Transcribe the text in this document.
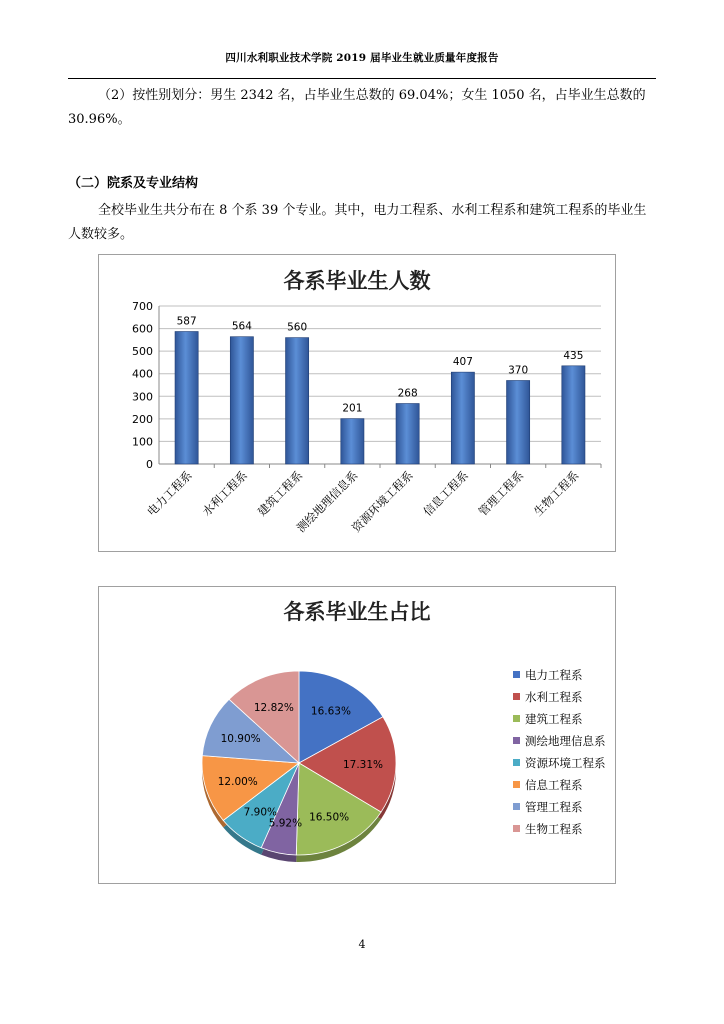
四川水利职业技术学院 2019 届毕业生就业质量年度报告
（2）按性别划分：男生 2342 名，占毕业生总数的 69.04%；女生 1050 名，占毕业生总数的 30.96%。
（二）院系及专业结构
全校毕业生共分布在 8 个系 39 个专业。其中，电力工程系、水利工程系和建筑工程系的毕业生人数较多。
各系毕业生人数
0
100
200
300
400
500
600
700
587
电力工程系
564
水利工程系
560
建筑工程系
201
测绘地理信息系
268
资源环境工程系
407
信息工程系
370
管理工程系
435
生物工程系
各系毕业生占比
16.63%
17.31%
16.50%
5.92%
7.90%
12.00%
10.90%
12.82%
电力工程系
水利工程系
建筑工程系
测绘地理信息系
资源环境工程系
信息工程系
管理工程系
生物工程系
4
